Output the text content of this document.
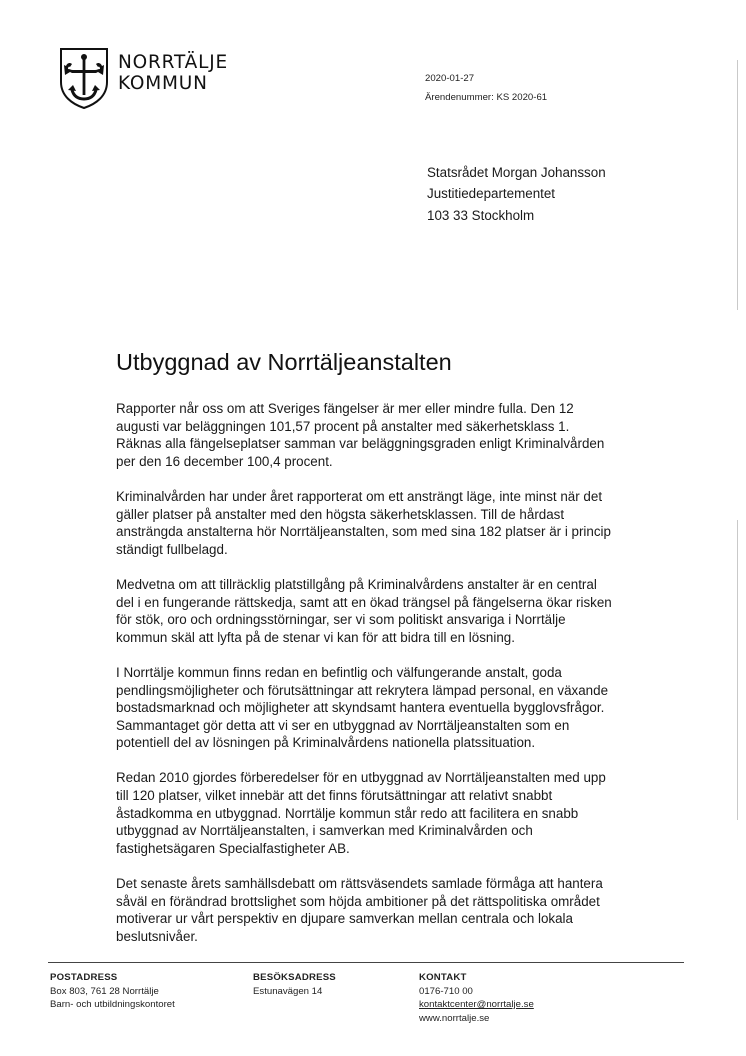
NORRTÄLJE
KOMMUN	2020-01-27
Ärendenummer: KS 2020-61
Statsrådet Morgan Johansson
Justitiedepartementet
103 33 Stockholm
Utbyggnad av Norrtäljeanstalten

Rapporter når oss om att Sveriges fängelser är mer eller mindre fulla. Den 12 augusti var beläggningen 101,57 procent på anstalter med säkerhetsklass 1. Räknas alla fängelseplatser samman var beläggningsgraden enligt Kriminalvården per den 16 december 100,4 procent.

Kriminalvården har under året rapporterat om ett ansträngt läge, inte minst när det gäller platser på anstalter med den högsta säkerhetsklassen. Till de hårdast ansträngda anstalterna hör Norrtäljeanstalten, som med sina 182 platser är i princip ständigt fullbelagd.

Medvetna om att tillräcklig platstillgång på Kriminalvårdens anstalter är en central del i en fungerande rättskedja, samt att en ökad trängsel på fängelserna ökar risken för stök, oro och ordningsstörningar, ser vi som politiskt ansvariga i Norrtälje kommun skäl att lyfta på de stenar vi kan för att bidra till en lösning.

I Norrtälje kommun finns redan en befintlig och välfungerande anstalt, goda pendlingsmöjligheter och förutsättningar att rekrytera lämpad personal, en växande bostadsmarknad och möjligheter att skyndsamt hantera eventuella bygglovsfrågor. Sammantaget gör detta att vi ser en utbyggnad av Norrtäljeanstalten som en potentiell del av lösningen på Kriminalvårdens nationella platssituation.

Redan 2010 gjordes förberedelser för en utbyggnad av Norrtäljeanstalten med upp till 120 platser, vilket innebär att det finns förutsättningar att relativt snabbt åstadkomma en utbyggnad. Norrtälje kommun står redo att facilitera en snabb utbyggnad av Norrtäljeanstalten, i samverkan med Kriminalvården och fastighetsägaren Specialfastigheter AB.

Det senaste årets samhällsdebatt om rättsväsendets samlade förmåga att hantera såväl en förändrad brottslighet som höjda ambitioner på det rättspolitiska området motiverar ur vårt perspektiv en djupare samverkan mellan centrala och lokala beslutsnivåer.

POSTADRESS
Box 803, 761 28 Norrtälje
Barn- och utbildningskontoret
BESÖKSADRESS
Estunavägen 14
KONTAKT
0176-710 00
kontaktcenter@norrtalje.se
www.norrtalje.se
